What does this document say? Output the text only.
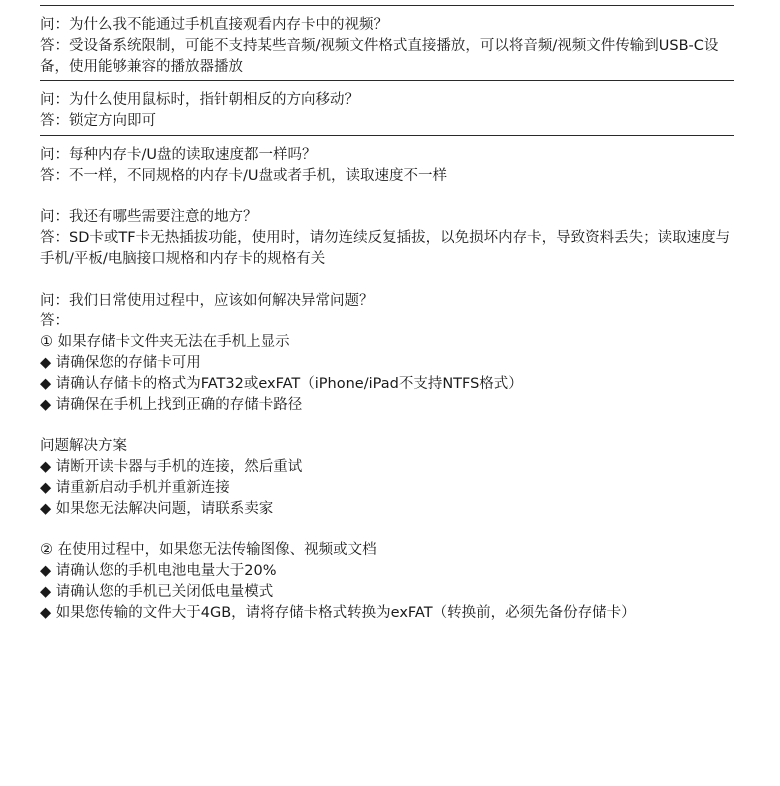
问：为什么我不能通过手机直接观看内存卡中的视频？
答：受设备系统限制，可能不支持某些音频/视频文件格式直接播放，可以将音频/视频文件传输到USB-C设备，使用能够兼容的播放器播放
问：为什么使用鼠标时，指针朝相反的方向移动？
答：锁定方向即可
问：每种内存卡/U盘的读取速度都一样吗？
答：不一样，不同规格的内存卡/U盘或者手机，读取速度不一样
问：我还有哪些需要注意的地方？
答：SD卡或TF卡无热插拔功能，使用时，请勿连续反复插拔，以免损坏内存卡，导致资料丢失；读取速度与手机/平板/电脑接口规格和内存卡的规格有关
问：我们日常使用过程中，应该如何解决异常问题？
答：
① 如果存储卡文件夹无法在手机上显示
◆ 请确保您的存储卡可用
◆ 请确认存储卡的格式为FAT32或exFAT（iPhone/iPad不支持NTFS格式）
◆ 请确保在手机上找到正确的存储卡路径
问题解决方案
◆ 请断开读卡器与手机的连接，然后重试
◆ 请重新启动手机并重新连接
◆ 如果您无法解决问题，请联系卖家
② 在使用过程中，如果您无法传输图像、视频或文档
◆ 请确认您的手机电池电量大于20%
◆ 请确认您的手机已关闭低电量模式
◆ 如果您传输的文件大于4GB，请将存储卡格式转换为exFAT（转换前，必须先备份存储卡）
